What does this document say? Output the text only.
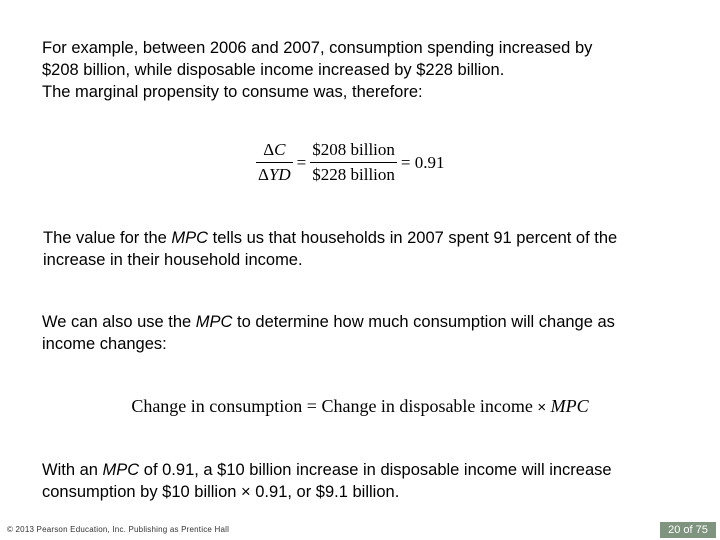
For example, between 2006 and 2007, consumption spending increased by
$208 billion, while disposable income increased by $228 billion.
The marginal propensity to consume was, therefore:
$\frac{\Delta C}{\text{ΔYD}} = \frac{\text{\$208 billion}}{\text{\$228 billion}} = 0.91$
The value for the MPC tells us that households in 2007 spent 91 percent of the
increase in their household income.
We can also use the MPC to determine how much consumption will change as
income changes:
Change in consumption = Change in disposable income × MPC
With an MPC of 0.91, a $10 billion increase in disposable income will increase
consumption by $10 billion × 0.91, or $9.1 billion.
© 2013 Pearson Education, Inc. Publishing as Prentice Hall	20 of 75
